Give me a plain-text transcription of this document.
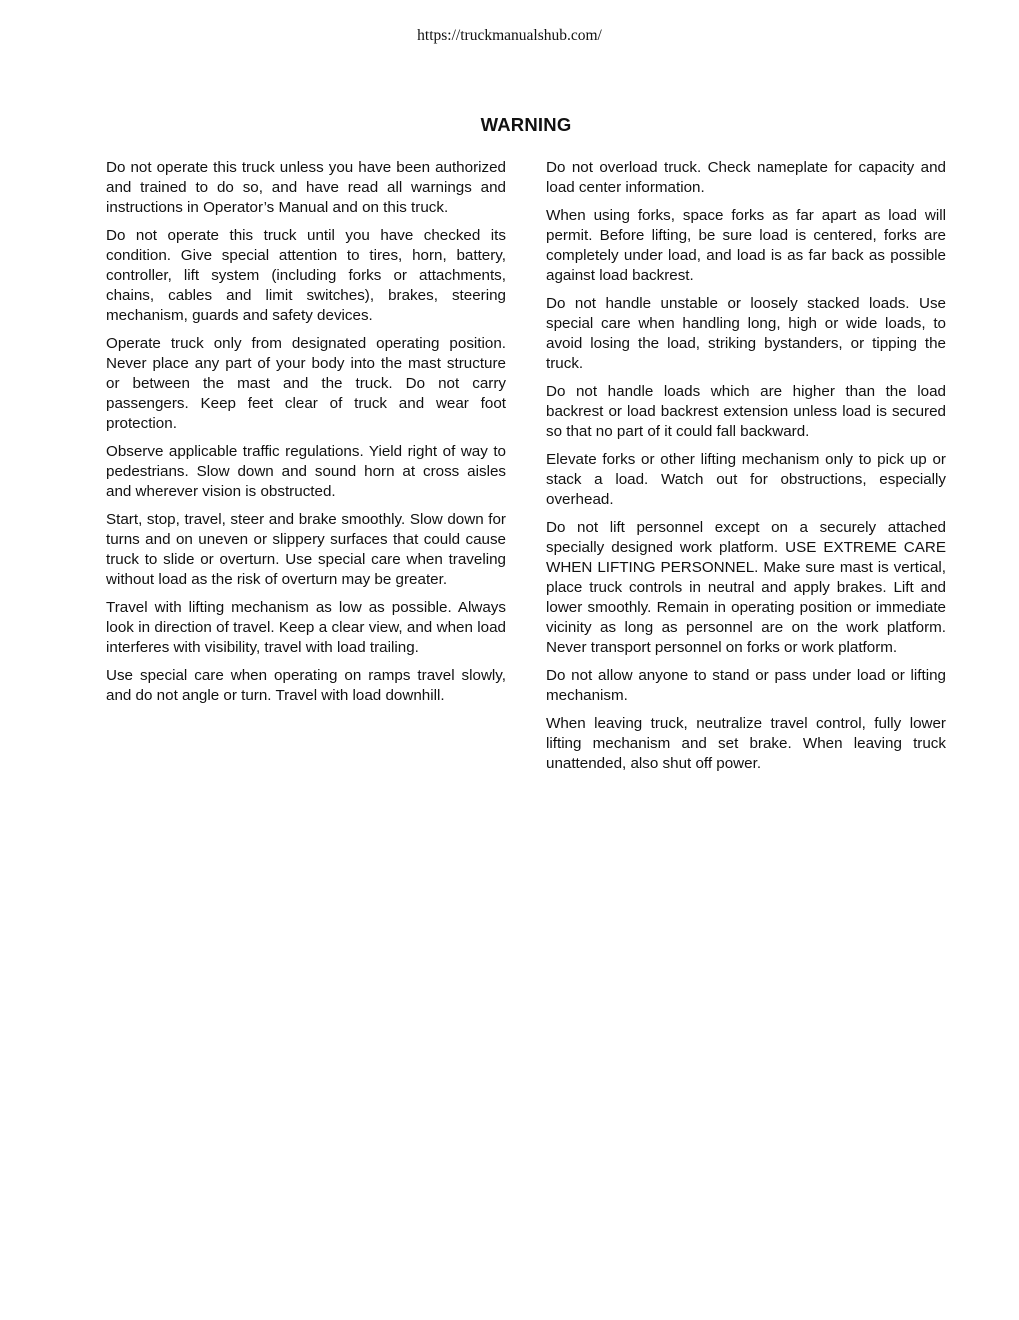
https://truckmanualshub.com/
WARNING

Do not operate this truck unless you have been authorized and trained to do so, and have read all warnings and instructions in Operator’s Manual and on this truck.

Do not operate this truck until you have checked its condition. Give special attention to tires, horn, battery, controller, lift system (including forks or attachments, chains, cables and limit switches), brakes, steering mechanism, guards and safety devices.

Operate truck only from designated operating position. Never place any part of your body into the mast structure or between the mast and the truck. Do not carry passengers. Keep feet clear of truck and wear foot protection.

Observe applicable traffic regulations. Yield right of way to pedestrians. Slow down and sound horn at cross aisles and wherever vision is obstructed.

Start, stop, travel, steer and brake smoothly. Slow down for turns and on uneven or slippery surfaces that could cause truck to slide or overturn. Use special care when traveling without load as the risk of overturn may be greater.

Travel with lifting mechanism as low as possible. Always look in direction of travel. Keep a clear view, and when load interferes with visibility, travel with load trailing.

Use special care when operating on ramps travel slowly, and do not angle or turn. Travel with load downhill.

Do not overload truck. Check nameplate for capacity and load center information.

When using forks, space forks as far apart as load will permit. Before lifting, be sure load is centered, forks are completely under load, and load is as far back as possible against load backrest.

Do not handle unstable or loosely stacked loads. Use special care when handling long, high or wide loads, to avoid losing the load, striking bystanders, or tipping the truck.

Do not handle loads which are higher than the load backrest or load backrest extension unless load is secured so that no part of it could fall backward.

Elevate forks or other lifting mechanism only to pick up or stack a load. Watch out for obstructions, especially overhead.

Do not lift personnel except on a securely attached specially designed work platform. USE EXTREME CARE WHEN LIFTING PERSONNEL. Make sure mast is vertical, place truck controls in neutral and apply brakes. Lift and lower smoothly. Remain in operating position or immediate vicinity as long as personnel are on the work platform. Never transport personnel on forks or work platform.

Do not allow anyone to stand or pass under load or lifting mechanism.

When leaving truck, neutralize travel control, fully lower lifting mechanism and set brake. When leaving truck unattended, also shut off power.
